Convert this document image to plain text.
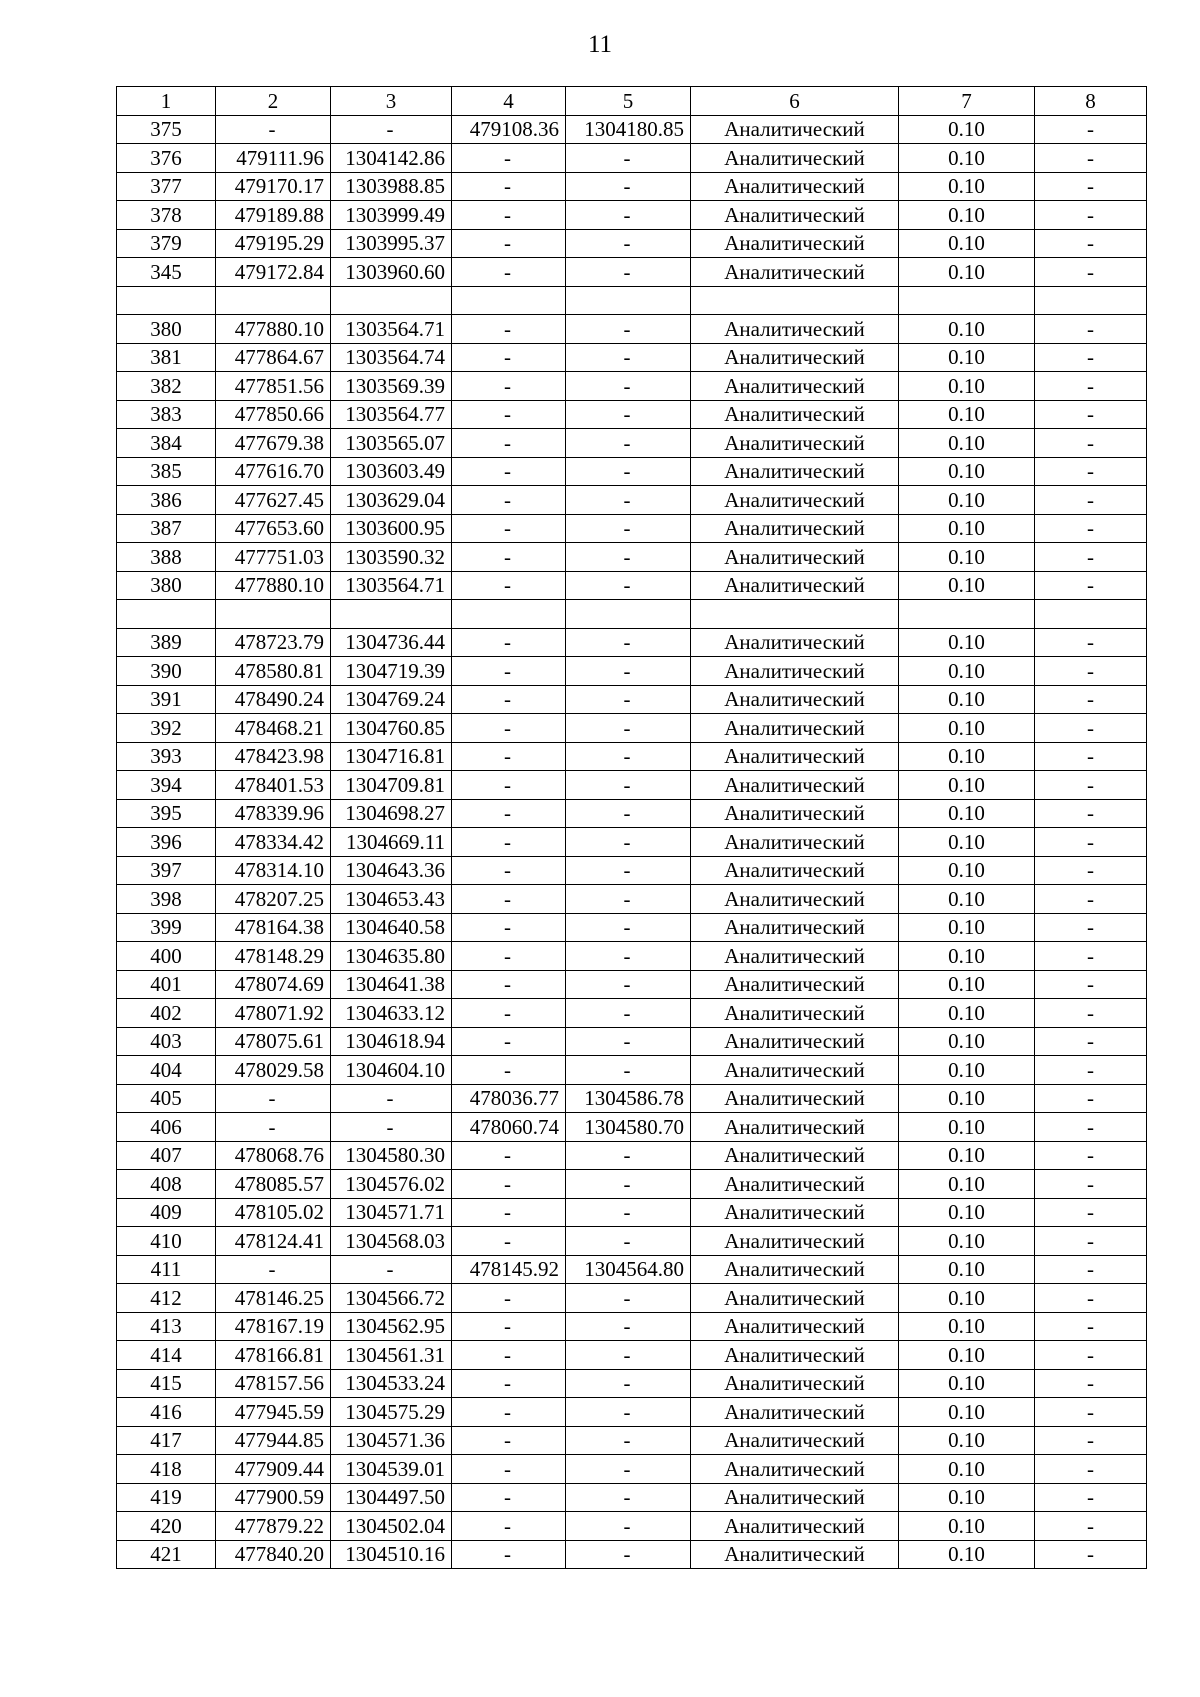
11
1	2	3	4	5	6	7	8
375	-	-	479108.36	1304180.85	Аналитический	0.10	-
376	479111.96	1304142.86	-	-	Аналитический	0.10	-
377	479170.17	1303988.85	-	-	Аналитический	0.10	-
378	479189.88	1303999.49	-	-	Аналитический	0.10	-
379	479195.29	1303995.37	-	-	Аналитический	0.10	-
345	479172.84	1303960.60	-	-	Аналитический	0.10	-

380	477880.10	1303564.71	-	-	Аналитический	0.10	-
381	477864.67	1303564.74	-	-	Аналитический	0.10	-
382	477851.56	1303569.39	-	-	Аналитический	0.10	-
383	477850.66	1303564.77	-	-	Аналитический	0.10	-
384	477679.38	1303565.07	-	-	Аналитический	0.10	-
385	477616.70	1303603.49	-	-	Аналитический	0.10	-
386	477627.45	1303629.04	-	-	Аналитический	0.10	-
387	477653.60	1303600.95	-	-	Аналитический	0.10	-
388	477751.03	1303590.32	-	-	Аналитический	0.10	-
380	477880.10	1303564.71	-	-	Аналитический	0.10	-

389	478723.79	1304736.44	-	-	Аналитический	0.10	-
390	478580.81	1304719.39	-	-	Аналитический	0.10	-
391	478490.24	1304769.24	-	-	Аналитический	0.10	-
392	478468.21	1304760.85	-	-	Аналитический	0.10	-
393	478423.98	1304716.81	-	-	Аналитический	0.10	-
394	478401.53	1304709.81	-	-	Аналитический	0.10	-
395	478339.96	1304698.27	-	-	Аналитический	0.10	-
396	478334.42	1304669.11	-	-	Аналитический	0.10	-
397	478314.10	1304643.36	-	-	Аналитический	0.10	-
398	478207.25	1304653.43	-	-	Аналитический	0.10	-
399	478164.38	1304640.58	-	-	Аналитический	0.10	-
400	478148.29	1304635.80	-	-	Аналитический	0.10	-
401	478074.69	1304641.38	-	-	Аналитический	0.10	-
402	478071.92	1304633.12	-	-	Аналитический	0.10	-
403	478075.61	1304618.94	-	-	Аналитический	0.10	-
404	478029.58	1304604.10	-	-	Аналитический	0.10	-
405	-	-	478036.77	1304586.78	Аналитический	0.10	-
406	-	-	478060.74	1304580.70	Аналитический	0.10	-
407	478068.76	1304580.30	-	-	Аналитический	0.10	-
408	478085.57	1304576.02	-	-	Аналитический	0.10	-
409	478105.02	1304571.71	-	-	Аналитический	0.10	-
410	478124.41	1304568.03	-	-	Аналитический	0.10	-
411	-	-	478145.92	1304564.80	Аналитический	0.10	-
412	478146.25	1304566.72	-	-	Аналитический	0.10	-
413	478167.19	1304562.95	-	-	Аналитический	0.10	-
414	478166.81	1304561.31	-	-	Аналитический	0.10	-
415	478157.56	1304533.24	-	-	Аналитический	0.10	-
416	477945.59	1304575.29	-	-	Аналитический	0.10	-
417	477944.85	1304571.36	-	-	Аналитический	0.10	-
418	477909.44	1304539.01	-	-	Аналитический	0.10	-
419	477900.59	1304497.50	-	-	Аналитический	0.10	-
420	477879.22	1304502.04	-	-	Аналитический	0.10	-
421	477840.20	1304510.16	-	-	Аналитический	0.10	-
